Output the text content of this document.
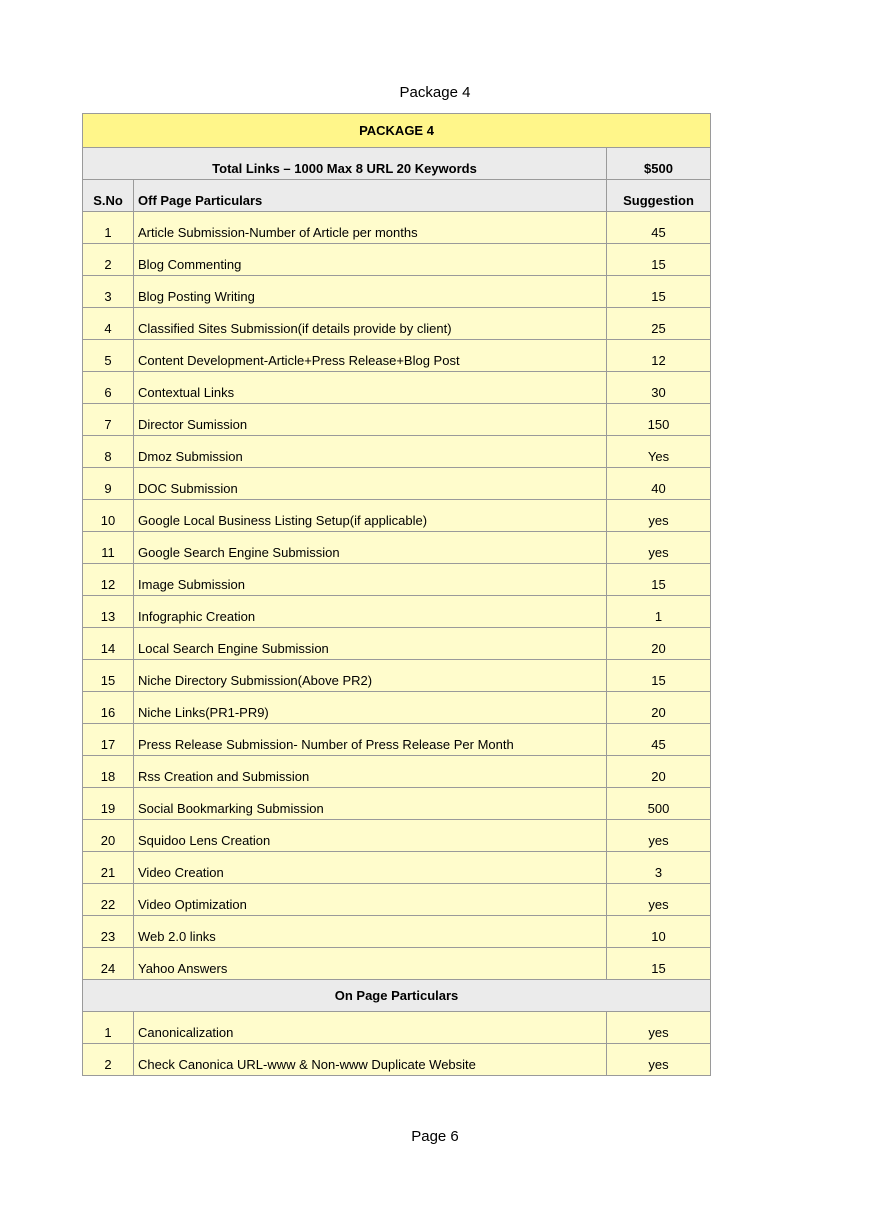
Package 4
PACKAGE 4		
Total Links – 1000 Max 8 URL 20 Keywords		$500
S.No	Off Page Particulars	Suggestion
1	Article Submission-Number of Article per months	45
2	Blog Commenting	15
3	Blog Posting Writing	15
4	Classified Sites Submission(if details provide by client)	25
5	Content Development-Article+Press Release+Blog Post	12
6	Contextual Links	30
7	Director Sumission	150
8	Dmoz Submission	Yes
9	DOC Submission	40
10	Google Local Business Listing Setup(if applicable)	yes
11	Google Search Engine Submission	yes
12	Image Submission	15
13	Infographic Creation	1
14	Local Search Engine Submission	20
15	Niche Directory Submission(Above PR2)	15
16	Niche Links(PR1-PR9)	20
17	Press Release Submission- Number of Press Release Per Month	45
18	Rss Creation and Submission	20
19	Social Bookmarking Submission	500
20	Squidoo Lens Creation	yes
21	Video Creation	3
22	Video Optimization	yes
23	Web 2.0 links	10
24	Yahoo Answers	15
On Page Particulars		
1	Canonicalization	yes
2	Check Canonica URL-www & Non-www Duplicate Website	yes
Page 6
